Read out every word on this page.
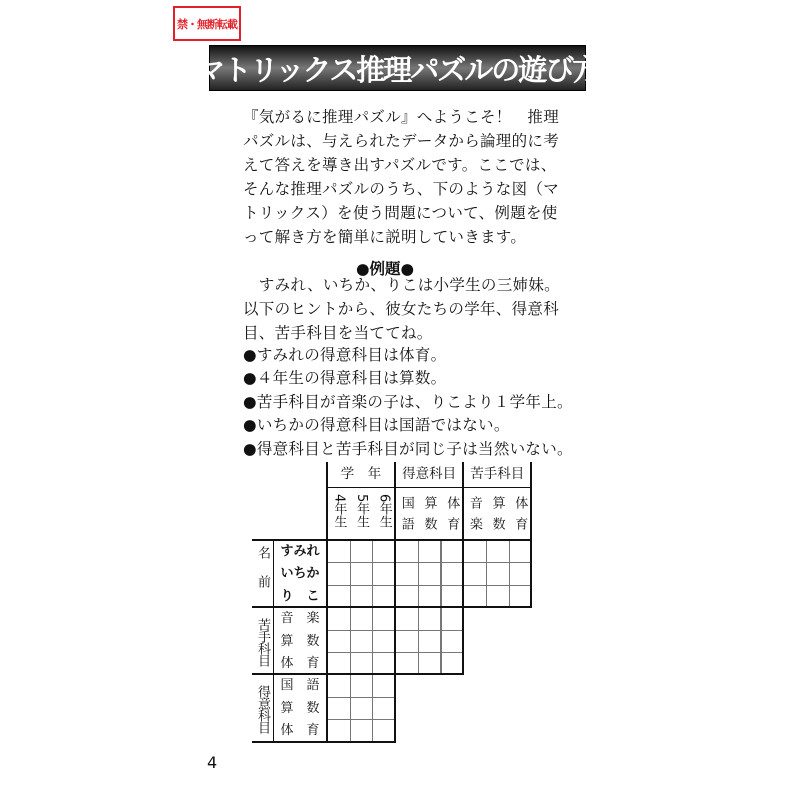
禁・無断転載
マトリックス推理パズルの遊び方
●例題●
4
『気がるに推理パズル』へようこそ！　推理
パズルは、与えられたデータから論理的に考
えて答えを導き出すパズルです。ここでは、
そんな推理パズルのうち、下のような図（マ
トリックス）を使う問題について、例題を使
って解き方を簡単に説明していきます。
　すみれ、いちか、りこは小学生の三姉妹。
以下のヒントから、彼女たちの学年、得意科
目、苦手科目を当ててね。
●すみれの得意科目は体育。
●４年生の得意科目は算数。
●苦手科目が音楽の子は、りこより１学年上。
●いちかの得意科目は国語ではない。
●得意科目と苦手科目が同じ子は当然いない。
学　年
4年生 5年生 6年生
得意科目
国語 算数 体育
苦手科目
音楽 算数 体育
名前 すみれ
いちか
り　こ
苦手科目 音　楽
算　数
体　育
得意科目 国　語
算　数
体　育
